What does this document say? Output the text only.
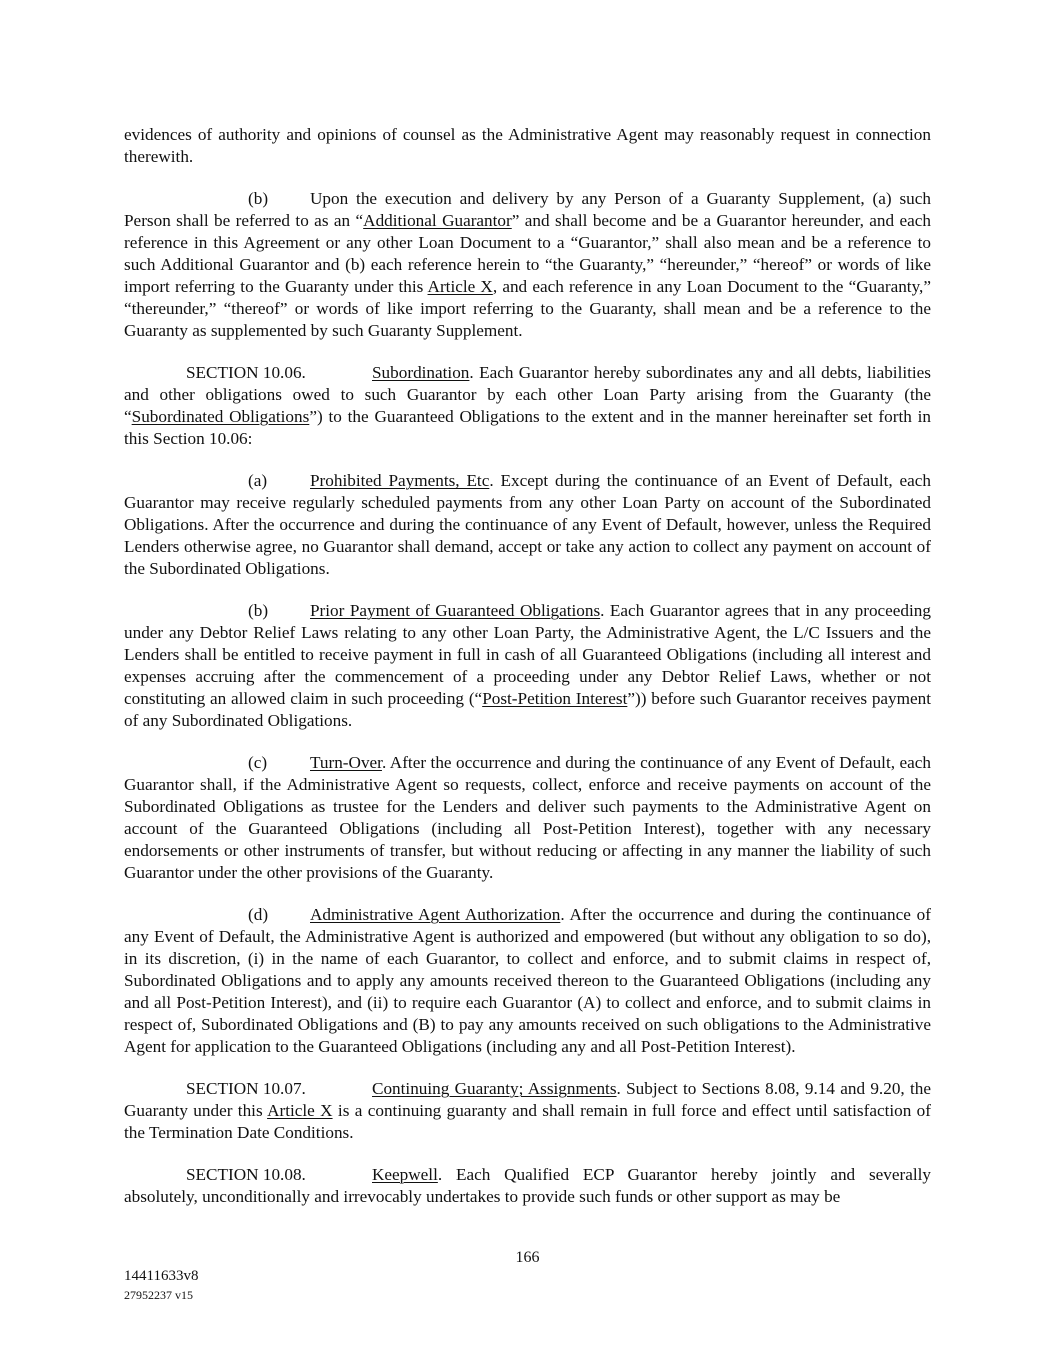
evidences of authority and opinions of counsel as the Administrative Agent may reasonably request in connection therewith.

(b) Upon the execution and delivery by any Person of a Guaranty Supplement, (a) such Person shall be referred to as an “Additional Guarantor” and shall become and be a Guarantor hereunder, and each reference in this Agreement or any other Loan Document to a “Guarantor,” shall also mean and be a reference to such Additional Guarantor and (b) each reference herein to “the Guaranty,” “hereunder,” “hereof” or words of like import referring to the Guaranty under this Article X, and each reference in any Loan Document to the “Guaranty,” “thereunder,” “thereof” or words of like import referring to the Guaranty, shall mean and be a reference to the Guaranty as supplemented by such Guaranty Supplement.

SECTION 10.06.	Subordination. Each Guarantor hereby subordinates any and all debts, liabilities and other obligations owed to such Guarantor by each other Loan Party arising from the Guaranty (the “Subordinated Obligations”) to the Guaranteed Obligations to the extent and in the manner hereinafter set forth in this Section 10.06:

(a) Prohibited Payments, Etc. Except during the continuance of an Event of Default, each Guarantor may receive regularly scheduled payments from any other Loan Party on account of the Subordinated Obligations. After the occurrence and during the continuance of any Event of Default, however, unless the Required Lenders otherwise agree, no Guarantor shall demand, accept or take any action to collect any payment on account of the Subordinated Obligations.

(b) Prior Payment of Guaranteed Obligations. Each Guarantor agrees that in any proceeding under any Debtor Relief Laws relating to any other Loan Party, the Administrative Agent, the L/C Issuers and the Lenders shall be entitled to receive payment in full in cash of all Guaranteed Obligations (including all interest and expenses accruing after the commencement of a proceeding under any Debtor Relief Laws, whether or not constituting an allowed claim in such proceeding (“Post-Petition Interest”)) before such Guarantor receives payment of any Subordinated Obligations.

(c) Turn-Over. After the occurrence and during the continuance of any Event of Default, each Guarantor shall, if the Administrative Agent so requests, collect, enforce and receive payments on account of the Subordinated Obligations as trustee for the Lenders and deliver such payments to the Administrative Agent on account of the Guaranteed Obligations (including all Post-Petition Interest), together with any necessary endorsements or other instruments of transfer, but without reducing or affecting in any manner the liability of such Guarantor under the other provisions of the Guaranty.

(d) Administrative Agent Authorization. After the occurrence and during the continuance of any Event of Default, the Administrative Agent is authorized and empowered (but without any obligation to so do), in its discretion, (i) in the name of each Guarantor, to collect and enforce, and to submit claims in respect of, Subordinated Obligations and to apply any amounts received thereon to the Guaranteed Obligations (including any and all Post-Petition Interest), and (ii) to require each Guarantor (A) to collect and enforce, and to submit claims in respect of, Subordinated Obligations and (B) to pay any amounts received on such obligations to the Administrative Agent for application to the Guaranteed Obligations (including any and all Post-Petition Interest).

SECTION 10.07.	Continuing Guaranty; Assignments. Subject to Sections 8.08, 9.14 and 9.20, the Guaranty under this Article X is a continuing guaranty and shall remain in full force and effect until satisfaction of the Termination Date Conditions.

SECTION 10.08.	Keepwell. Each Qualified ECP Guarantor hereby jointly and severally absolutely, unconditionally and irrevocably undertakes to provide such funds or other support as may be

166
14411633v8
27952237 v15
